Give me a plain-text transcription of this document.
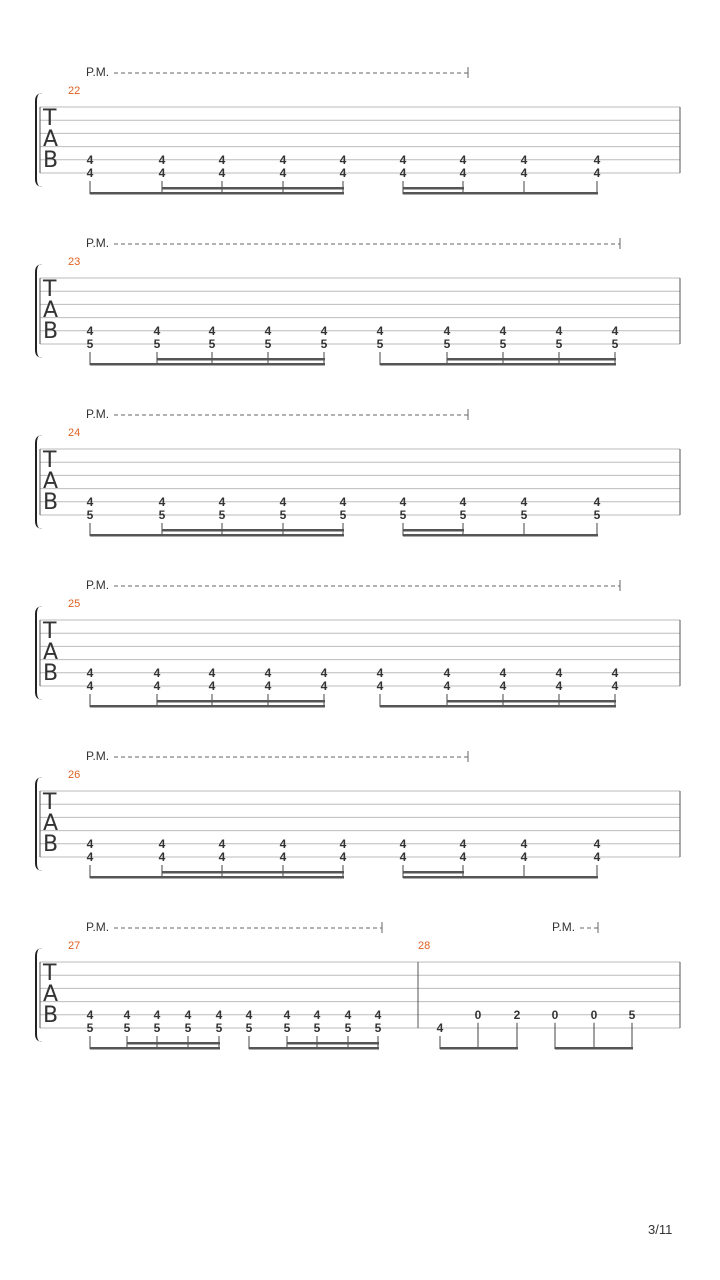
T
A
B
22
P.M.
4
4
4
4
4
4
4
4
4
4
4
4
4
4
4
4
4
4
T
A
B
23
P.M.
4
5
4
5
4
5
4
5
4
5
4
5
4
5
4
5
4
5
4
5
T
A
B
24
P.M.
4
5
4
5
4
5
4
5
4
5
4
5
4
5
4
5
4
5
T
A
B
25
P.M.
4
4
4
4
4
4
4
4
4
4
4
4
4
4
4
4
4
4
4
4
T
A
B
26
P.M.
4
4
4
4
4
4
4
4
4
4
4
4
4
4
4
4
4
4
T
A
B
27	28
P.M.	P.M.
4
5
4
5
4
5
4
5
4
5
4
5
4
5
4
5
4
5
4
5	4
0	2	0	0	5
3/11
